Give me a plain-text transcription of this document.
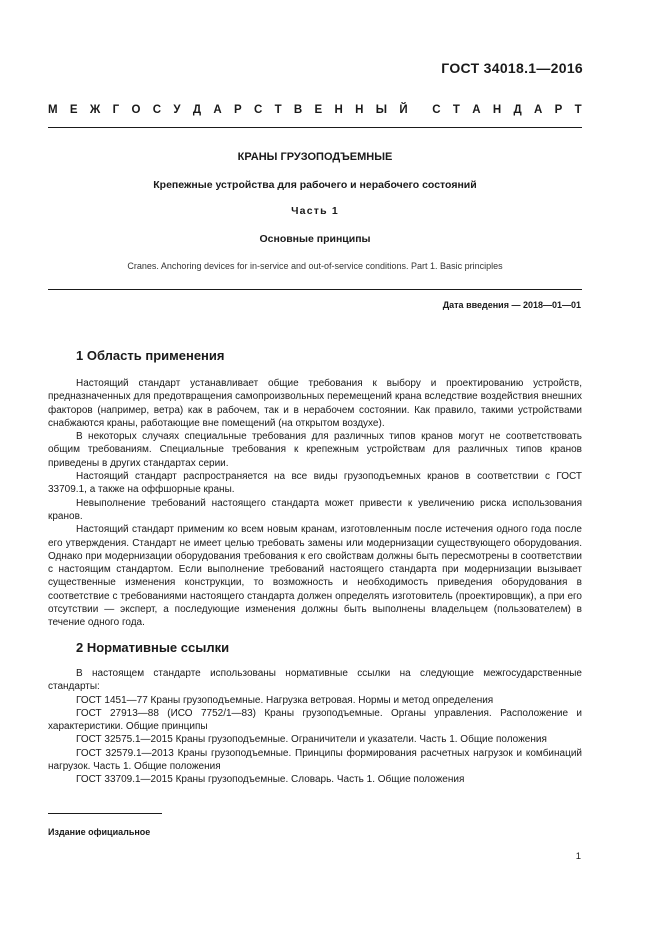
ГОСТ 34018.1—2016
М Е Ж Г О С У Д А Р С Т В Е Н Н Ы Й С Т А Н Д А Р Т
КРАНЫ ГРУЗОПОДЪЕМНЫЕ
Крепежные устройства для рабочего и нерабочего состояний
Часть 1
Основные принципы
Cranes. Anchoring devices for in-service and out-of-service conditions. Part 1. Basic principles
Дата введения — 2018—01—01
1 Область применения

Настоящий стандарт устанавливает общие требования к выбору и проектированию устройств, предназначенных для предотвращения самопроизвольных перемещений крана вследствие воздействия внешних факторов (например, ветра) как в рабочем, так и в нерабочем состоянии. Как правило, такими устройствами снабжаются краны, работающие вне помещений (на открытом воздухе).

В некоторых случаях специальные требования для различных типов кранов могут не соответствовать общим требованиям. Специальные требования к крепежным устройствам для различных типов кранов приведены в других стандартах серии.

Настоящий стандарт распространяется на все виды грузоподъемных кранов в соответствии с ГОСТ 33709.1, а также на оффшорные краны.

Невыполнение требований настоящего стандарта может привести к увеличению риска использования кранов.

Настоящий стандарт применим ко всем новым кранам, изготовленным после истечения одного года после его утверждения. Стандарт не имеет целью требовать замены или модернизации существующего оборудования. Однако при модернизации оборудования требования к его свойствам должны быть пересмотрены в соответствии с настоящим стандартом. Если выполнение требований настоящего стандарта при модернизации вызывает существенные изменения конструкции, то возможность и необходимость приведения оборудования в соответствие с требованиями настоящего стандарта должен определять изготовитель (проектировщик), а при его отсутствии — эксперт, а последующие изменения должны быть выполнены владельцем (пользователем) в течение одного года.

2 Нормативные ссылки

В настоящем стандарте использованы нормативные ссылки на следующие межгосударственные стандарты:

ГОСТ 1451—77 Краны грузоподъемные. Нагрузка ветровая. Нормы и метод определения

ГОСТ 27913—88 (ИСО 7752/1—83) Краны грузоподъемные. Органы управления. Расположение и характеристики. Общие принципы

ГОСТ 32575.1—2015 Краны грузоподъемные. Ограничители и указатели. Часть 1. Общие положения

ГОСТ 32579.1—2013 Краны грузоподъемные. Принципы формирования расчетных нагрузок и комбинаций нагрузок. Часть 1. Общие положения

ГОСТ 33709.1—2015 Краны грузоподъемные. Словарь. Часть 1. Общие положения

Издание официальное
1
